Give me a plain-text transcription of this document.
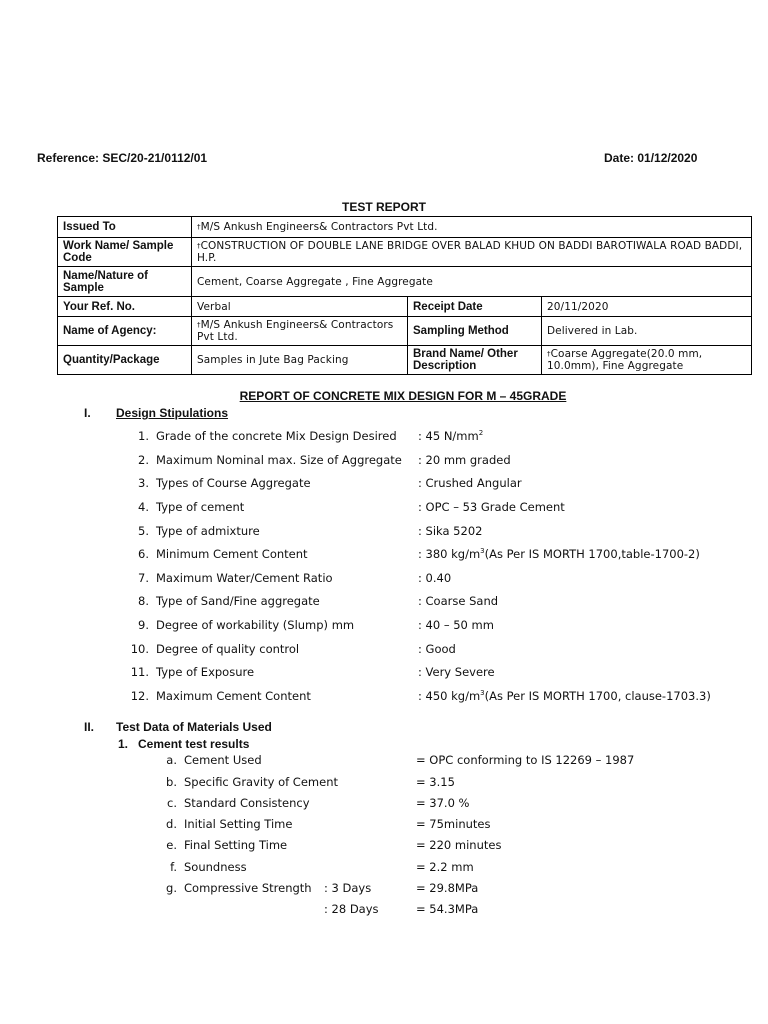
Reference: SEC/20-21/0112/01	Date: 01/12/2020
TEST REPORT
Issued To	†M/S Ankush Engineers& Contractors Pvt Ltd.		
Work Name/ Sample Code	†CONSTRUCTION OF DOUBLE LANE BRIDGE OVER BALAD KHUD ON BADDI BAROTIWALA ROAD BADDI, H.P.		
Name/Nature of Sample	Cement, Coarse Aggregate , Fine Aggregate		
Your Ref. No.	Verbal	Receipt Date	20/11/2020
Name of Agency:	†M/S Ankush Engineers& Contractors Pvt Ltd.	Sampling Method	Delivered in Lab.
Quantity/Package	Samples in Jute Bag Packing	Brand Name/ Other Description	†Coarse Aggregate(20.0 mm, 10.0mm), Fine Aggregate
REPORT OF CONCRETE MIX DESIGN FOR M – 45GRADE
I. Design Stipulations
1. Grade of the concrete Mix Design Desired : 45 $N/mm^2$
2. Maximum Nominal max. Size of Aggregate : 20 mm graded
3. Types of Course Aggregate	: Crushed Angular
4. Type of cement	: OPC – 53 Grade Cement
5. Type of admixture	: Sika 5202
6. Minimum Cement Content	: 380 $kg/m^3(As$ Per IS MORTH 1700,table-1700-2)
7. Maximum Water/Cement Ratio	: 0.40
8. Type of Sand/Fine aggregate	: Coarse Sand
9. Degree of workability (Slump) mm	: 40 – 50 mm
10. Degree of quality control	: Good
11. Type of Exposure	: Very Severe
12. Maximum Cement Content	: 450 $kg/m^3(As$ Per IS MORTH 1700, clause-1703.3)
II. Test Data of Materials Used
1.   Cement test results
a. Cement Used	= OPC conforming to IS 12269 – 1987
b. Specific Gravity of Cement	= 3.15
c. Standard Consistency	= 37.0 %
d. Initial Setting Time	= 75minutes
e. Final Setting Time	= 220 minutes
f. Soundness	= 2.2 mm
g. Compressive Strength : 3 Days	= 29.8MPa
: 28 Days	= 54.3MPa
